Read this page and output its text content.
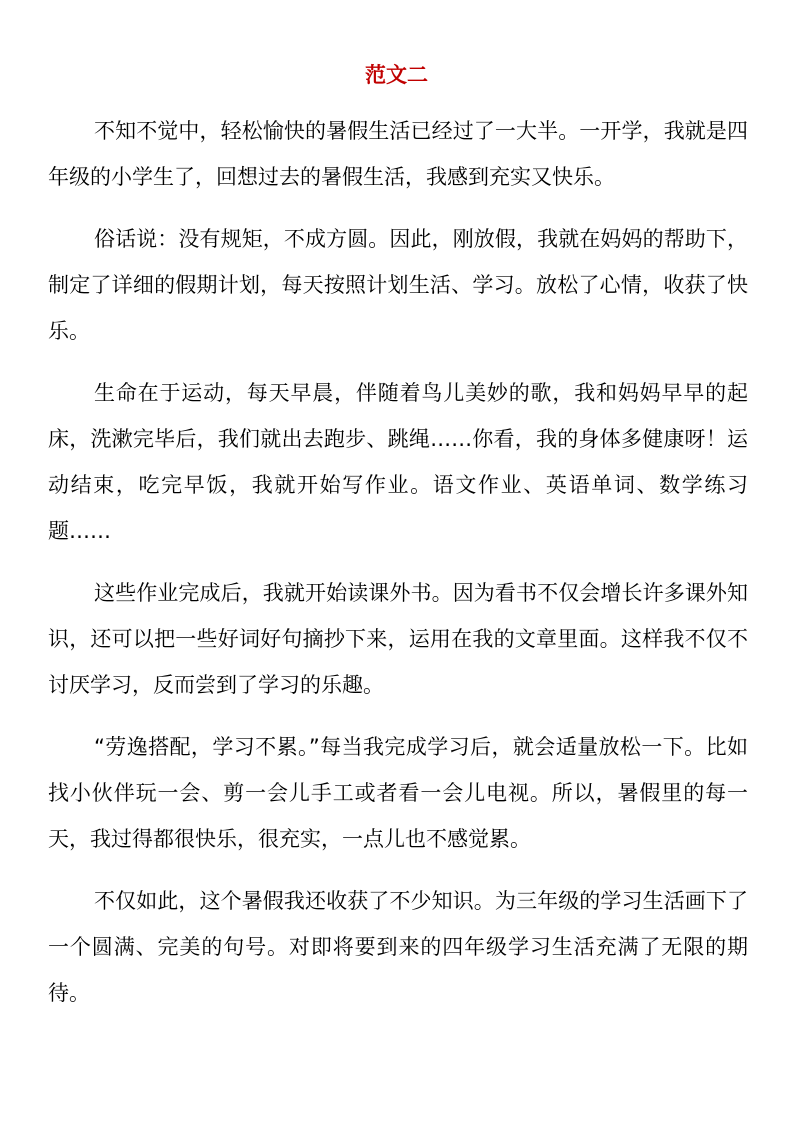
范文二

不知不觉中，轻松愉快的暑假生活已经过了一大半。一开学，我就是四年级的小学生了，回想过去的暑假生活，我感到充实又快乐。

俗话说：没有规矩，不成方圆。因此，刚放假，我就在妈妈的帮助下，制定了详细的假期计划，每天按照计划生活、学习。放松了心情，收获了快乐。

生命在于运动，每天早晨，伴随着鸟儿美妙的歌，我和妈妈早早的起床，洗漱完毕后，我们就出去跑步、跳绳……你看，我的身体多健康呀！运动结束，吃完早饭，我就开始写作业。语文作业、英语单词、数学练习题……

这些作业完成后，我就开始读课外书。因为看书不仅会增长许多课外知识，还可以把一些好词好句摘抄下来，运用在我的文章里面。这样我不仅不讨厌学习，反而尝到了学习的乐趣。

“劳逸搭配，学习不累。”每当我完成学习后，就会适量放松一下。比如找小伙伴玩一会、剪一会儿手工或者看一会儿电视。所以，暑假里的每一天，我过得都很快乐，很充实，一点儿也不感觉累。

不仅如此，这个暑假我还收获了不少知识。为三年级的学习生活画下了一个圆满、完美的句号。对即将要到来的四年级学习生活充满了无限的期待。
